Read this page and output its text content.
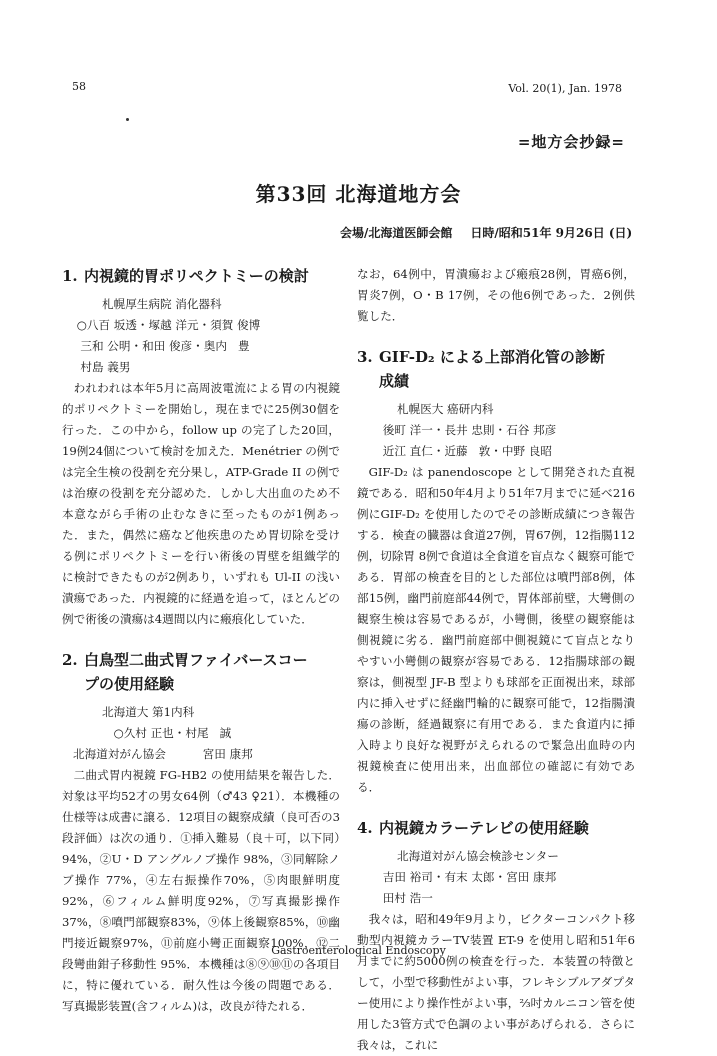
58	Vol. 20(1), Jan. 1978
=地方会抄録=
第33回 北海道地方会
会場/北海道医師会館 日時/昭和51年 9月26日 (日)
1. 内視鏡的胃ポリペクトミーの検討

札幌厚生病院 消化器科

○八百 坂透・塚越 洋元・須賀 俊博

三和 公明・和田 俊彦・奥内   豊

村島 義男

われわれは本年5月に高周波電流による胃の内視鏡的ポリペクトミーを開始し，現在までに25例30個を行った．この中から，follow up の完了した20回，19例24個について検討を加えた．Menétrier の例では完全生検の役割を充分果し，ATP-Grade II の例では治療の役割を充分認めた．しかし大出血のため不本意ながら手術の止むなきに至ったものが1例あった．また，偶然に癌など他疾患のため胃切除を受ける例にポリペクトミーを行い術後の胃壁を組織学的に検討できたものが2例あり，いずれも Ul-II の浅い潰瘍であった．内視鏡的に経過を追って，ほとんどの例で術後の潰瘍は4週間以内に瘢痕化していた．

2. 白鳥型二曲式胃ファイバースコー
プの使用経験

北海道大 第1内科

○久村 正也・村尾   誠

北海道対がん協会          宮田 康邦

二曲式胃内視鏡 FG-HB2 の使用結果を報告した．対象は平均52才の男女64例（♂43 ♀21）．本機種の仕様等は成書に譲る．12項目の観察成績（良可否の3段評価）は次の通り．①挿入難易（良＋可，以下同）94%，②U・D アングルノブ操作 98%，③同解除ノブ操作 77%，④左右振操作70%，⑤肉眼鮮明度92%，⑥フィルム鮮明度92%，⑦写真撮影操作37%，⑧噴門部観察83%，⑨体上後観察85%，⑩幽門接近観察97%，⑪前庭小彎正面観察100%，⑫二段彎曲鉗子移動性 95%．本機種は⑧⑨⑩⑪の各項目に，特に優れている．耐久性は今後の問題である．写真撮影装置(含フィルム)は，改良が待たれる．

なお，64例中，胃潰瘍および瘢痕28例，胃癌6例，胃炎7例，O・B 17例，その他6例であった．2例供覧した．

3. GIF-D₂ による上部消化管の診断
成績

札幌医大 癌研内科

後町 洋一・長井 忠則・石谷 邦彦

近江 直仁・近藤   敦・中野 良昭

GIF-D₂ は panendoscope として開発された直視鏡である．昭和50年4月より51年7月までに延べ216例にGIF-D₂ を使用したのでその診断成績につき報告する．検査の臓器は食道27例，胃67例，12指腸112例，切除胃 8例で食道は全食道を盲点なく観察可能である．胃部の検査を目的とした部位は噴門部8例，体部15例，幽門前庭部44例で，胃体部前壁，大彎側の観察生検は容易であるが，小彎側，後壁の観察能は側視鏡に劣る．幽門前庭部中側視鏡にて盲点となりやすい小彎側の観察が容易である．12指腸球部の観察は，側視型 JF-B 型よりも球部を正面視出来，球部内に挿入せずに経幽門輪的に観察可能で，12指腸潰瘍の診断，経過観察に有用である．また食道内に挿入時より良好な視野がえられるので緊急出血時の内視鏡検査に使用出来，出血部位の確認に有効である．

4. 内視鏡カラーテレビの使用経験

北海道対がん協会検診センター

吉田 裕司・有末 太郎・宮田 康邦

田村 浩一

我々は，昭和49年9月より，ビクターコンパクト移動型内視鏡カラーTV装置 ET-9 を使用し昭和51年6月までに約5000例の検査を行った．本装置の特徴として，小型で移動性がよい事，フレキシブルアダプター使用により操作性がよい事，⅔吋カルニコン管を使用した3管方式で色調のよい事があげられる．さらに我々は，これに

Gastroenterological Endoscopy
